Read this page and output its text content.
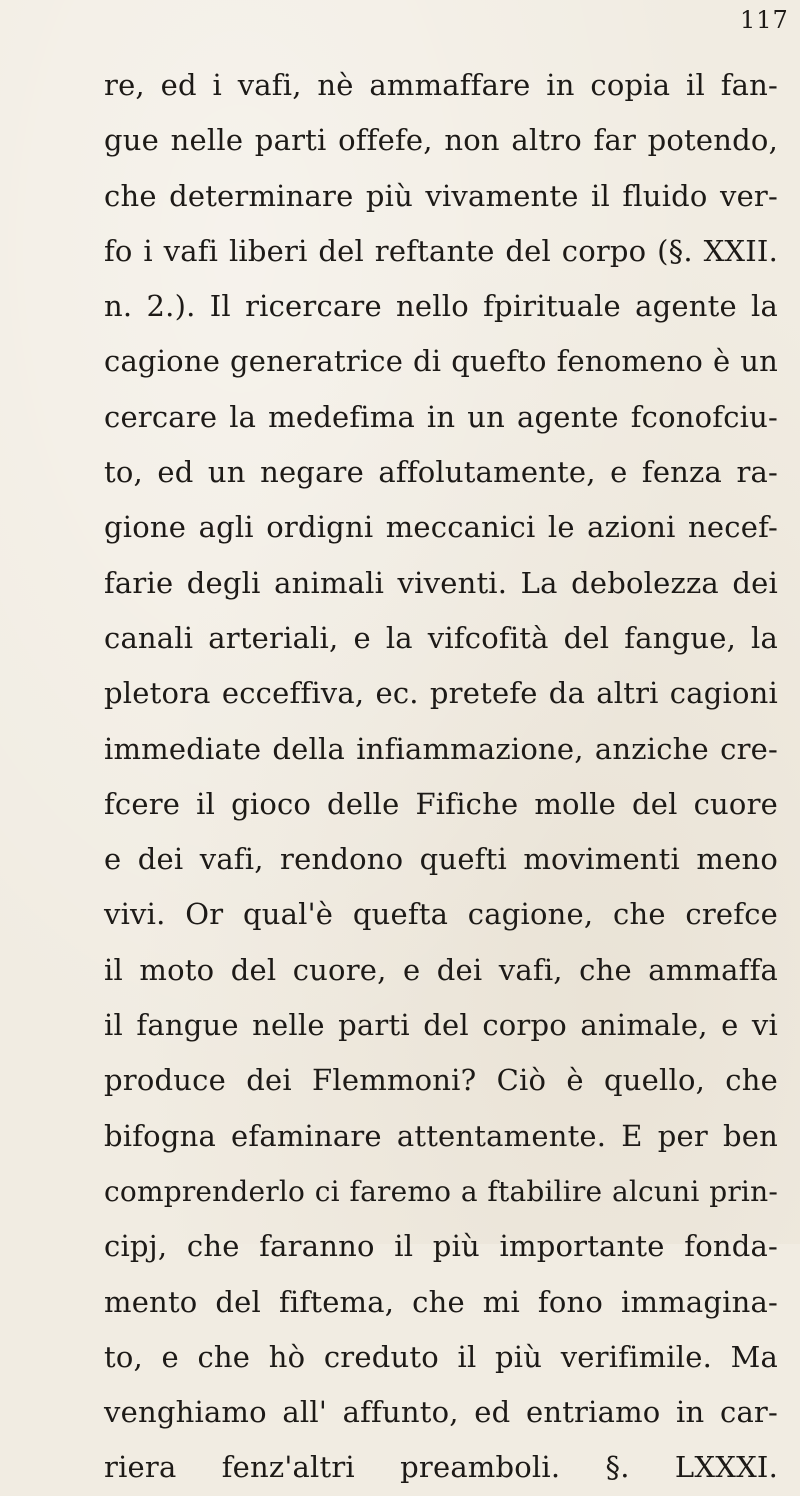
117
re, ed i vafi, nè ammaffare in copia il fan-
gue nelle parti offefe, non altro far potendo,
che determinare più vivamente il fluido ver-
fo i vafi liberi del reftante del corpo (§. XXII.
n. 2.). Il ricercare nello fpirituale agente la
cagione generatrice di quefto fenomeno è un
cercare la medefima in un agente fconofciu-
to, ed un negare affolutamente, e fenza ra-
gione agli ordigni meccanici le azioni necef-
farie degli animali viventi. La debolezza dei
canali arteriali, e la vifcofità del fangue, la
pletora ecceffiva, ec. pretefe da altri cagioni
immediate della infiammazione, anziche cre-
fcere il gioco delle Fifiche molle del cuore
e dei vafi, rendono quefti movimenti meno
vivi. Or qual'è quefta cagione, che crefce
il moto del cuore, e dei vafi, che ammaffa
il fangue nelle parti del corpo animale, e vi
produce dei Flemmoni? Ciò è quello, che
bifogna efaminare attentamente. E per ben
comprenderlo ci faremo a ftabilire alcuni prin-
cipj, che faranno il più importante fonda-
mento del fiftema, che mi fono immagina-
to, e che hò creduto il più verifimile. Ma
venghiamo all' affunto, ed entriamo in car-
riera fenz'altri preamboli. §. LXXXI.
